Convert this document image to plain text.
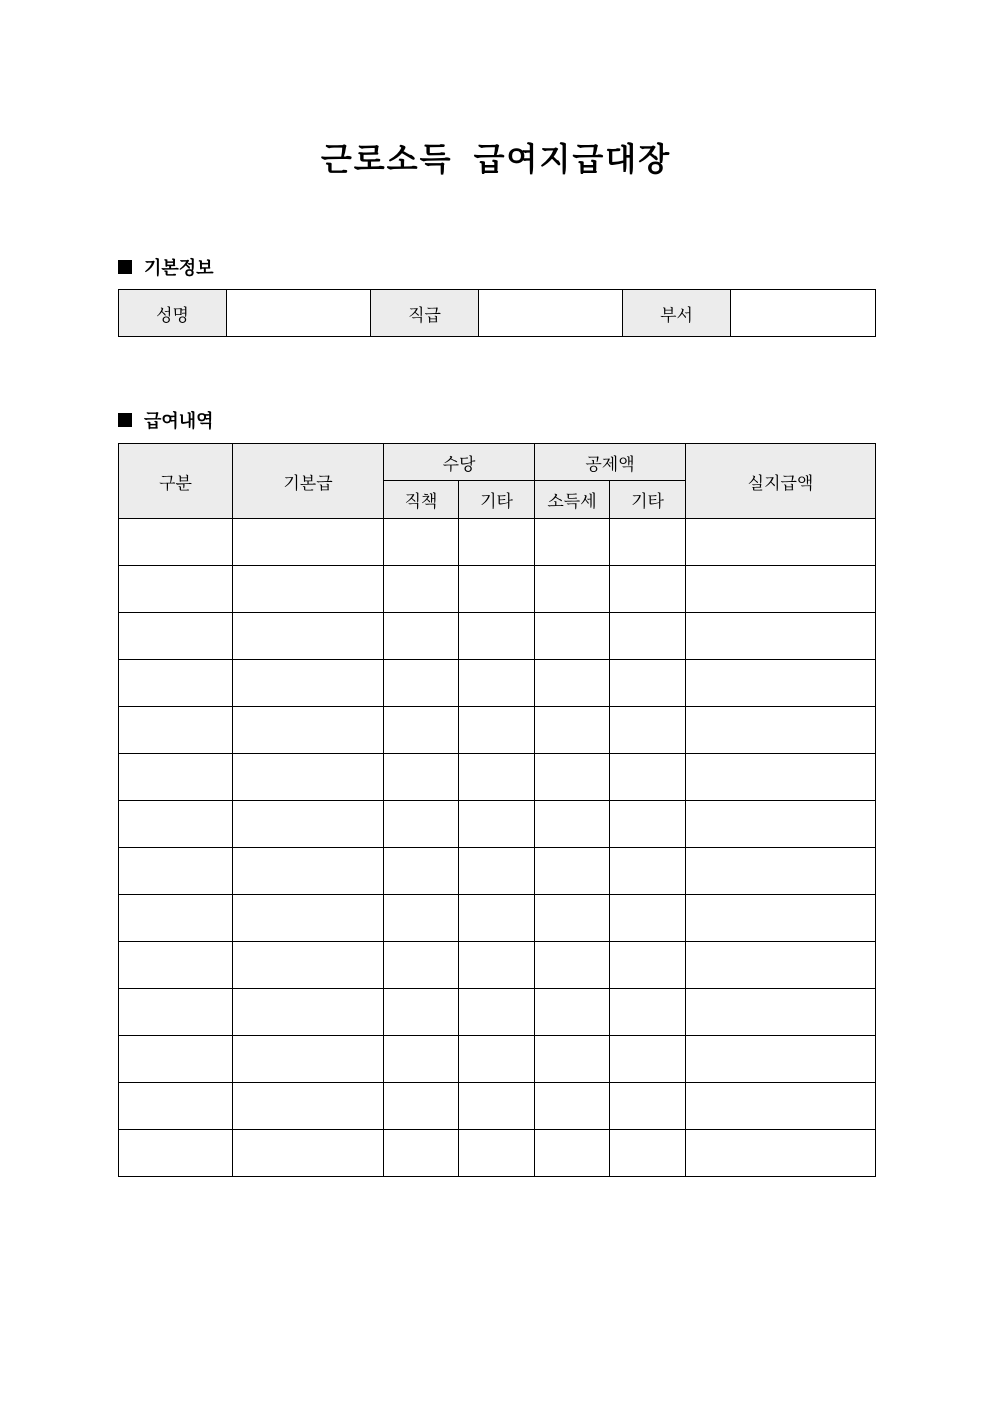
근로소득 급여지급대장
기본정보
성명		직급		부서	
급여내역
구분	기본급	수당		공제액		실지급액
		직책	기타	소득세	기타	
